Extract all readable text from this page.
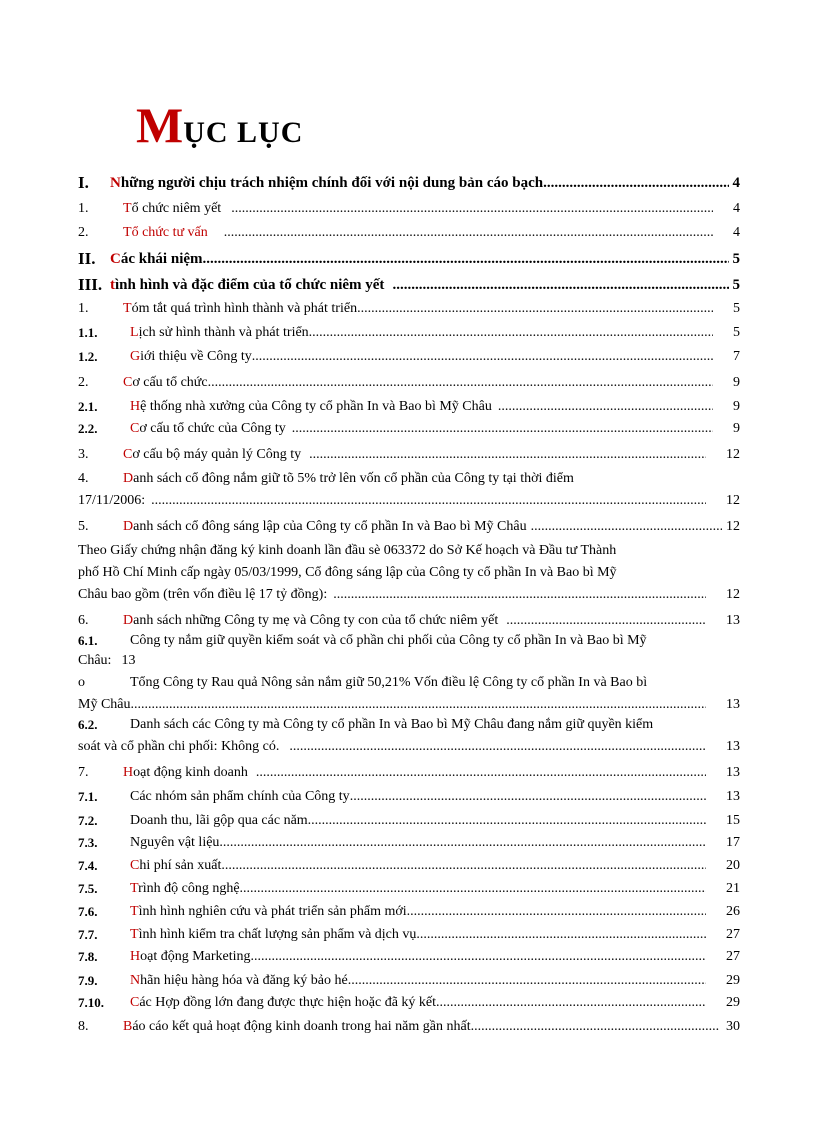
MỤC LỤC
I. Những người chịu trách nhiệm chính đối với nội dung bản cáo bạch .....	4
1. Tổ chức niêm yết .....	4
2. Tổ chức tư vấn .....	4
II. Các khái niệm .....	5
III. tình hình và đặc điểm của tổ chức niêm yết .....	5
1. Tóm tắt quá trình hình thành và phát triển .....	5
1.1. Lịch sử hình thành và phát triển .....	5
1.2. Giới thiệu về Công ty .....	7
2. Cơ cấu tổ chức .....	9
2.1. Hệ thống nhà xưởng của Công ty cổ phần In và Bao bì Mỹ Châu .....	9
2.2. Cơ cấu tổ chức của Công ty .....	9
3. Cơ cấu bộ máy quản lý Công ty .....	12
4.	D anh sách cổ đông nắm giữ tõ 5% trở lên vốn cổ phần của Công ty tại thời điểm
17/11/2006: .....	12
5. Danh sách cổ đông sáng lập của Công ty cổ phần In và Bao bì Mỹ Châu .....	12
Theo Giấy chứng nhận đăng ký kinh doanh lần đầu sè 063372 do Sở Kế hoạch và Đầu tư Thành
phố Hồ Chí Minh cấp ngày 05/03/1999, Cổ đông sáng lập của Công ty cổ phần In và Bao bì Mỹ
Châu bao gồm (trên vốn điều lệ 17 tỷ đồng): .....	12
6. Danh sách những Công ty mẹ và Công ty con của tổ chức niêm yết .....	13
6.1.	Công ty nắm giữ quyền kiểm soát và cổ phần chi phối của Công ty cổ phần In và Bao bì Mỹ
Châu: 13
o	Tổng Công ty Rau quả Nông sản nắm giữ 50,21% Vốn điều lệ Công ty cổ phần In và Bao bì
Mỹ Châu. .....	13
6.2.	Danh sách các Công ty mà Công ty cổ phần In và Bao bì Mỹ Châu đang nắm giữ quyền kiểm
soát và cổ phần chi phối: Không có. .....	13
7. Hoạt động kinh doanh .....	13
7.1. Các nhóm sản phẩm chính của Công ty .....	13
7.2. Doanh thu, lãi gộp qua các năm .....	15
7.3. Nguyên vật liệu .....	17
7.4. Chi phí sản xuất .....	20
7.5. Trình độ công nghệ .....	21
7.6. Tình hình nghiên cứu và phát triển sản phẩm mới .....	26
7.7. Tình hình kiểm tra chất lượng sản phẩm và dịch vụ .....	27
7.8. Hoạt động Marketing .....	27
7.9. Nhãn hiệu hàng hóa và đăng ký bảo hé .....	29
7.10. Các Hợp đồng lớn đang được thực hiện hoặc đã ký kết .....	29
8. Báo cáo kết quả hoạt động kinh doanh trong hai năm gần nhất .....	30
